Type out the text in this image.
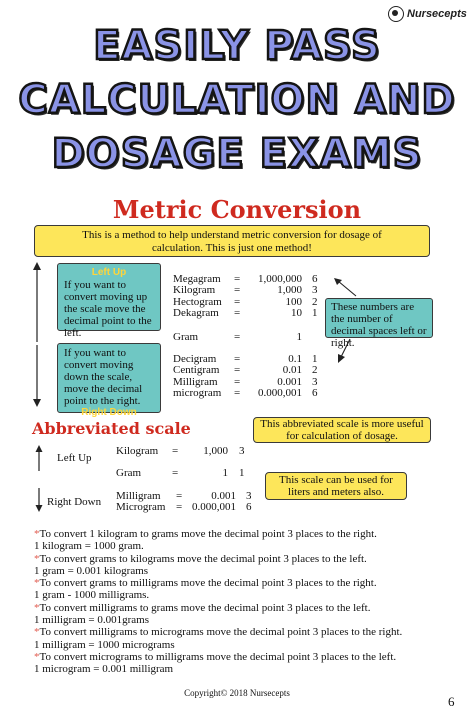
Nursecepts
EASILY PASS
CALCULATION AND
DOSAGE EXAMS
Metric Conversion
This is a method to help understand metric conversion for dosage of calculation. This is just one method!
Left Up
If you want to convert moving up the scale move the decimal point to the left.
If you want to convert moving down the scale, move the decimal point to the right.
Right Down
Megagram =	1,000,000 6
Kilogram =	1,000 3
Hectogram =	100 2
Dekagram =	10 1
Gram	=	1
Decigram =	0.1 1
Centigram =	0.01 2
Milligram =	0.001 3
microgram =	0.000,001 6
These numbers are the number of decimal spaces left or right.
Abbreviated scale	This abbreviated scale is more useful for calculation of dosage.
Left Up
Right Down
Kilogram =	1,000 3
Gram	=	1 1
Milligram =	0.001 3
Microgram = 0.000,001 6
This scale can be used for liters and meters also.
*To convert 1 kilogram to grams move the decimal point 3 places to the right.
1 kilogram = 1000 gram.
*To convert grams to kilograms move the decimal point 3 places to the left.
1 gram = 0.001 kilograms
*To convert grams to milligrams move the decimal point 3 places to the right.
1 gram - 1000 milligrams.
*To convert milligrams to grams move the decimal point 3 places to the left.
1 milligram = 0.001grams
*To convert milligrams to micrograms move the decimal point 3 places to the right.
1 milligram = 1000 micrograms
*To convert micrograms to milligrams move the decimal point 3 places to the left.
1 microgram = 0.001 milligram
Copyright© 2018 Nursecepts
6
